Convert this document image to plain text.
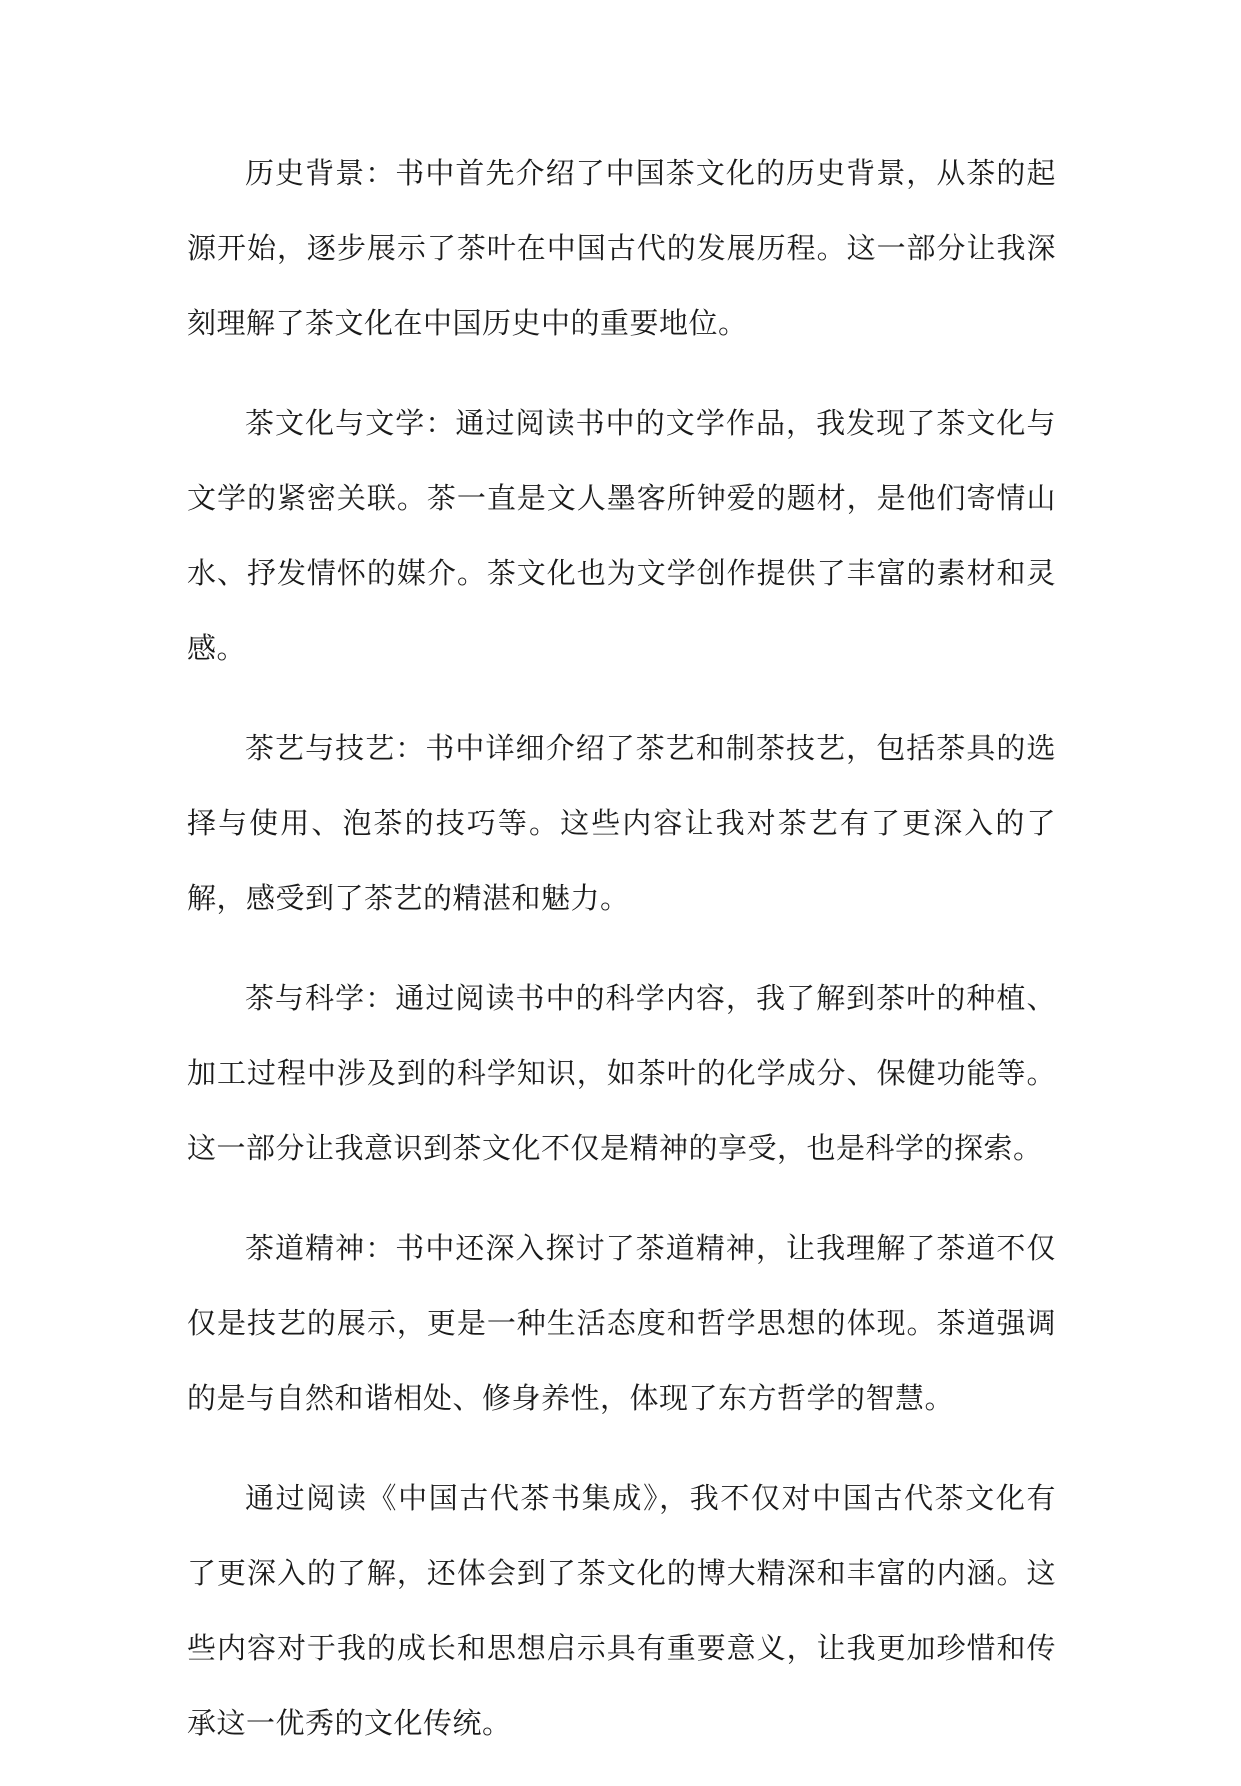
历史背景：书中首先介绍了中国茶文化的历史背景，从茶的起源开始，逐步展示了茶叶在中国古代的发展历程。这一部分让我深刻理解了茶文化在中国历史中的重要地位。

茶文化与文学：通过阅读书中的文学作品，我发现了茶文化与文学的紧密关联。茶一直是文人墨客所钟爱的题材，是他们寄情山水、抒发情怀的媒介。茶文化也为文学创作提供了丰富的素材和灵感。

茶艺与技艺：书中详细介绍了茶艺和制茶技艺，包括茶具的选择与使用、泡茶的技巧等。这些内容让我对茶艺有了更深入的了解，感受到了茶艺的精湛和魅力。

茶与科学：通过阅读书中的科学内容，我了解到茶叶的种植、加工过程中涉及到的科学知识，如茶叶的化学成分、保健功能等。这一部分让我意识到茶文化不仅是精神的享受，也是科学的探索。

茶道精神：书中还深入探讨了茶道精神，让我理解了茶道不仅仅是技艺的展示，更是一种生活态度和哲学思想的体现。茶道强调的是与自然和谐相处、修身养性，体现了东方哲学的智慧。

通过阅读《中国古代茶书集成》，我不仅对中国古代茶文化有了更深入的了解，还体会到了茶文化的博大精深和丰富的内涵。这些内容对于我的成长和思想启示具有重要意义，让我更加珍惜和传承这一优秀的文化传统。
